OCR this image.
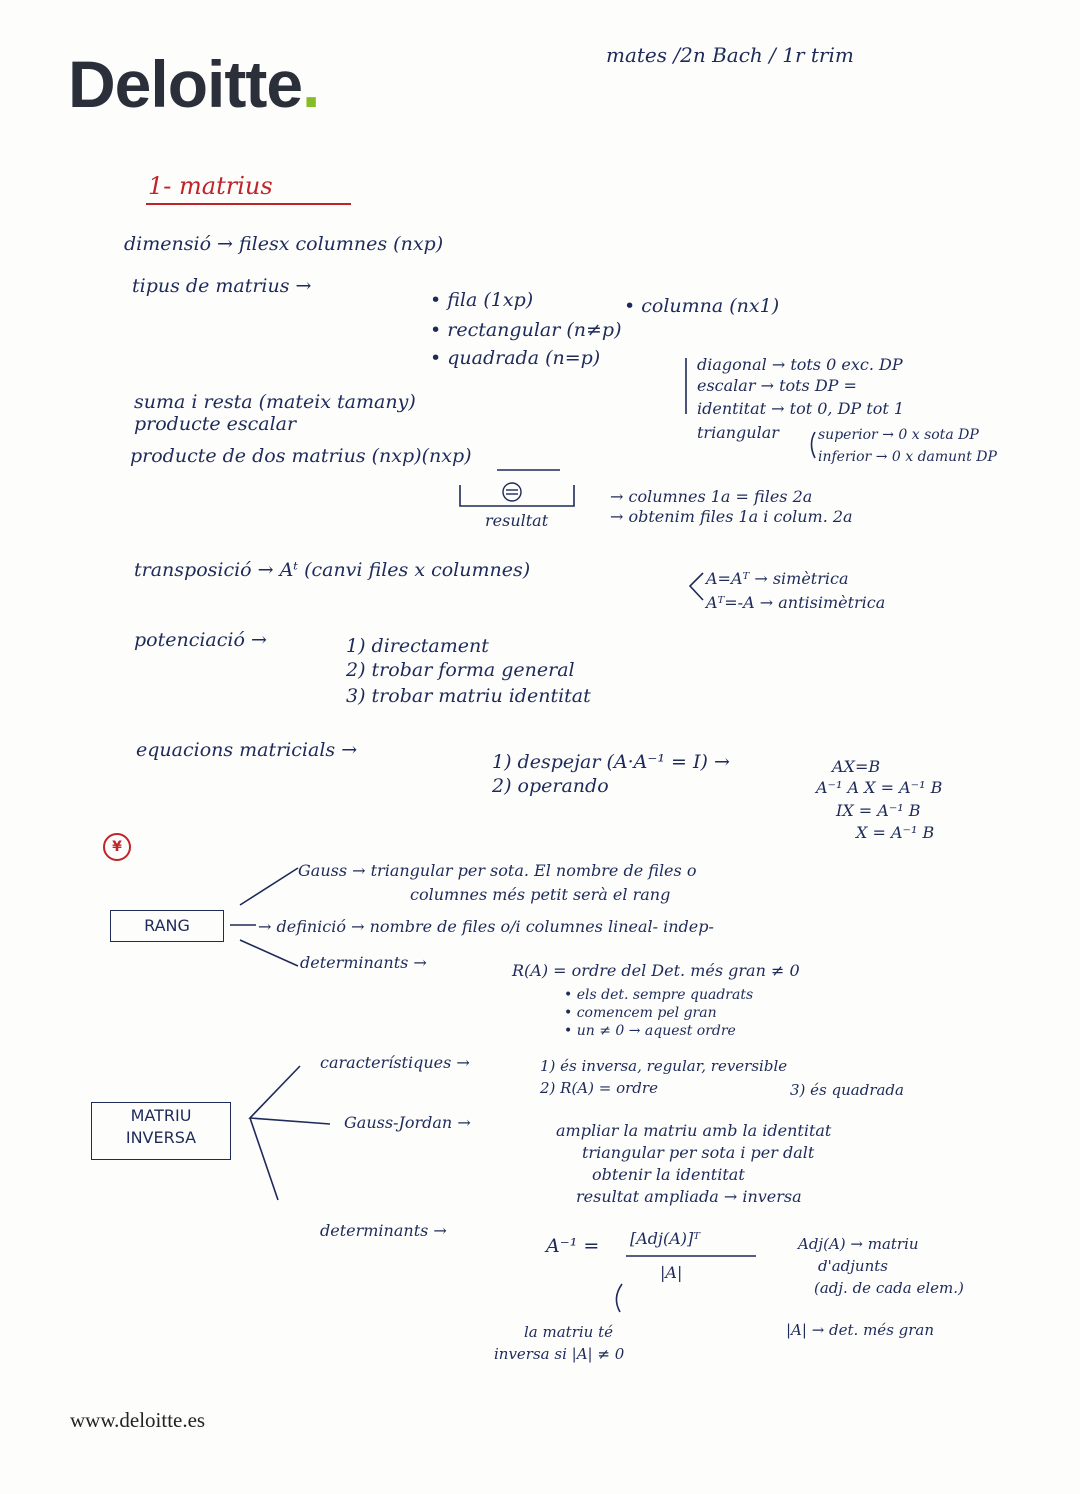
Deloitte.	mates /2n Bach / 1r trim
1- matrius
dimensió → filesx columnes (nxp)
tipus de matrius →
• fila (1xp)	• columna (nx1)
• rectangular (n≠p)
• quadrada (n=p)	diagonal → tots 0 exc. DP
escalar → tots DP =
identitat → tot 0, DP tot 1
triangular	superior → 0 x sota DP
inferior → 0 x damunt DP
suma i resta (mateix tamany)
producte escalar
producte de dos matrius (nxp)(nxp)
resultat
→ columnes 1a = files 2a
→ obtenim files 1a i colum. 2a
transposició → Aᵗ (canvi files x columnes)	A=Aᵀ → simètrica
Aᵀ=-A → antisimètrica
potenciació →	1) directament
2) trobar forma general
3) trobar matriu identitat
equacions matricials →
1) despejar (A·A⁻¹ = I) →
2) operando
AX=B
A⁻¹ A X = A⁻¹ B
IX = A⁻¹ B
X = A⁻¹ B
¥
RANG
Gauss → triangular per sota. El nombre de files o
columnes més petit serà el rang
→ definició → nombre de files o/i columnes lineal- indep-
determinants →	R(A) = ordre del Det. més gran ≠ 0
• els det. sempre quadrats
• comencem pel gran
• un ≠ 0 → aquest ordre
MATRIU
INVERSA
característiques →	1) és inversa, regular, reversible
2) R(A) = ordre	3) és quadrada
Gauss-Jordan →	ampliar la matriu amb la identitat
triangular per sota i per dalt
obtenir la identitat
resultat ampliada → inversa
determinants →
A⁻¹ = [Adj(A)]ᵀ
|A|
Adj(A) → matriu
d'adjunts
(adj. de cada elem.)
|A| → det. més gran
la matriu té
inversa si |A| ≠ 0
www.deloitte.es
